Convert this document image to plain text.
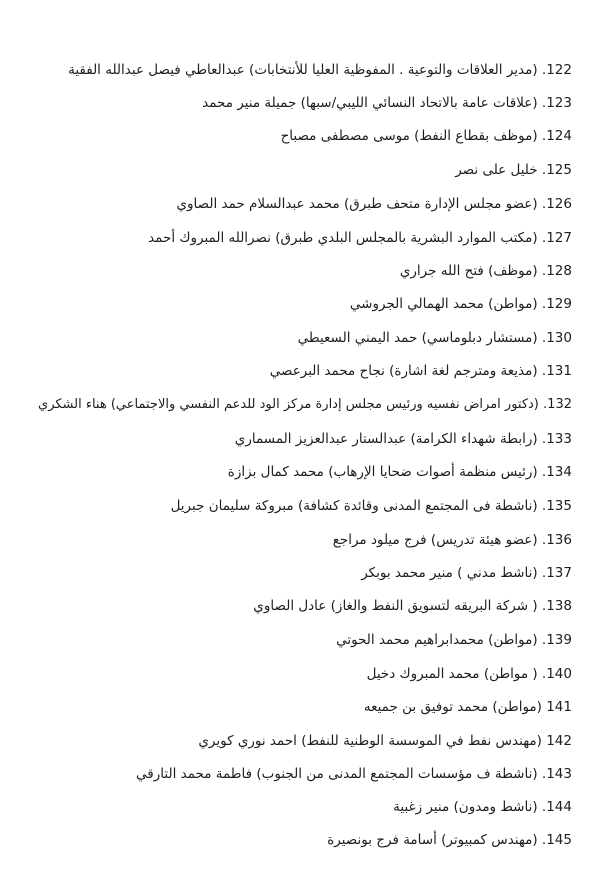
عبدالعاطي فيصل عبدالله الفقية (مدير العلاقات والتوعية . المفوظية العليا للأنتخابات) 122.
جميلة منير محمد (علاقات عامة بالاتحاد النسائي الليبي/سبها) 123.
موسى مصطفى مصباح (موظف بقطاع النفط) 124.
خليل على نصر 125.
محمد عبدالسلام حمد الصاوي (عضو مجلس الإدارة متحف طبرق) 126.
نصرالله المبروك أحمد (مكتب الموارد البشرية بالمجلس البلدي طبرق) 127.
فتح الله جراري (موظف) 128.
محمد الهمالي الجروشي (مواطن) 129.
حمد اليمني السعيطي (مستشار دبلوماسي) 130.
نجاح محمد البرعصي (مذيعة ومترجم لغة اشارة) 131.
هناء الشكري (دكتور امراض نفسيه ورئيس مجلس إدارة مركز الود للدعم النفسي والاجتماعي) 132.
عبدالستار عبدالعزيز المسماري (رابطة شهداء الكرامة) 133.
محمد كمال بزازة (رئيس منظمة أصوات ضحايا الإرهاب) 134.
مبروكة سليمان جبريل (ناشطة فى المجتمع المدنى وقائدة كشافة) 135.
فرج ميلود مراجع (عضو هيئة تدريس) 136.
منير محمد بوبكر (ناشط مدني ) 137.
عادل الصاوي ( شركة البريقه لتسويق النفط والغاز) 138.
محمدابراهيم محمد الحوتي (مواطن) 139.
محمد المبروك دخيل ( مواطن) 140.
محمد توفيق بن جميعه (مواطن) 141
احمد نوري كويري (مهندس نفط في الموسسة الوطنية للنفط) 142
فاطمة محمد التارقي (ناشطة ف مؤسسات المجتمع المدنى من الجنوب) 143.
منير زغبية (ناشط ومدون) 144.
أسامة فرج بونصيرة (مهندس كمبيوتر) 145.
